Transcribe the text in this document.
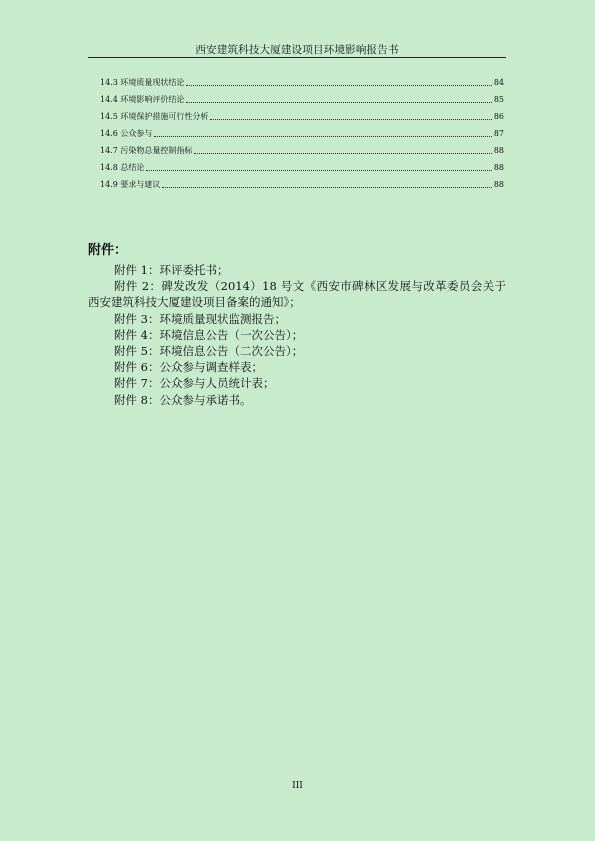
西安建筑科技大厦建设项目环境影响报告书
14.3 环境质量现状结论	84
14.4 环境影响评价结论	85
14.5 环境保护措施可行性分析	86
14.6 公众参与	87
14.7 污染物总量控制指标	88
14.8 总结论	88
14.9 要求与建议	88
附件：
附件 1：环评委托书；
附件 2：碑发改发（2014）18 号文《西安市碑林区发展与改革委员会关于西安建筑科技大厦建设项目备案的通知》；
附件 3：环境质量现状监测报告；
附件 4：环境信息公告（一次公告）；
附件 5：环境信息公告（二次公告）；
附件 6：公众参与调查样表；
附件 7：公众参与人员统计表；
附件 8：公众参与承诺书。
III
